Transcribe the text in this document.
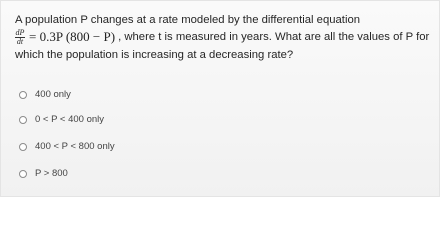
A population P changes at a rate modeled by the differential equation
$\frac{dP}{dt} = 0.3P$ (800 − P) , where t is measured in years. What are all the values of P for
which the population is increasing at a decreasing rate?
400 only
0 < P < 400 only
400 < P < 800 only
P > 800
